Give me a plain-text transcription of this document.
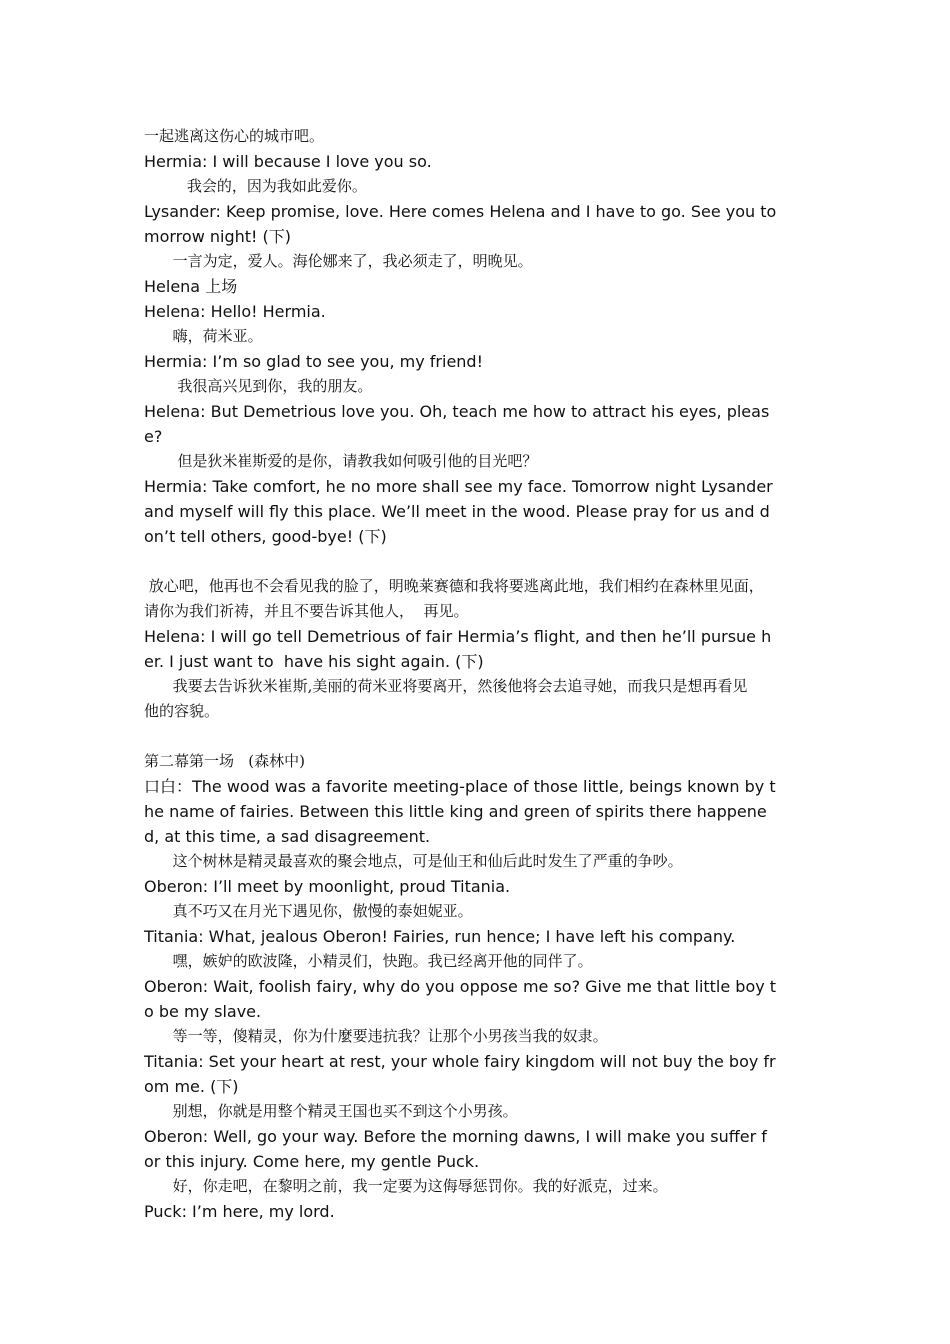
一起逃离这伤心的城市吧。
Hermia: I will because I love you so.
我会的，因为我如此爱你。
Lysander: Keep promise, love. Here comes Helena and I have to go. See you to
morrow night! (下)
一言为定，爱人。海伦娜来了，我必须走了，明晚见。
Helena 上场
Helena: Hello! Hermia.
嗨，荷米亚。
Hermia: I’m so glad to see you, my friend!
我很高兴见到你，我的朋友。
Helena: But Demetrious love you. Oh, teach me how to attract his eyes, pleas
e?
但是狄米崔斯爱的是你，请教我如何吸引他的目光吧？
Hermia: Take comfort, he no more shall see my face. Tomorrow night Lysander
and myself will fly this place. We’ll meet in the wood. Please pray for us and d
on’t tell others, good-bye! (下)
放心吧，他再也不会看见我的脸了，明晚莱赛德和我将要逃离此地，我们相约在森林里见面，
请你为我们祈祷，并且不要告诉其他人，  再见。
Helena: I will go tell Demetrious of fair Hermia’s flight, and then he’ll pursue h
er. I just want to  have his sight again. (下)
我要去告诉狄米崔斯,美丽的荷米亚将要离开，然後他将会去追寻她，而我只是想再看见
他的容貌。
第二幕第一场   (森林中)
口白：The wood was a favorite meeting-place of those little, beings known by t
he name of fairies. Between this little king and green of spirits there happene
d, at this time, a sad disagreement.
这个树林是精灵最喜欢的聚会地点，可是仙王和仙后此时发生了严重的争吵。
Oberon: I’ll meet by moonlight, proud Titania.
真不巧又在月光下遇见你，傲慢的泰妲妮亚。
Titania: What, jealous Oberon! Fairies, run hence; I have left his company.
嘿，嫉妒的欧波隆，小精灵们，快跑。我已经离开他的同伴了。
Oberon: Wait, foolish fairy, why do you oppose me so? Give me that little boy t
o be my slave.
等一等，傻精灵，你为什麼要违抗我？让那个小男孩当我的奴隶。
Titania: Set your heart at rest, your whole fairy kingdom will not buy the boy fr
om me. (下)
别想，你就是用整个精灵王国也买不到这个小男孩。
Oberon: Well, go your way. Before the morning dawns, I will make you suffer f
or this injury. Come here, my gentle Puck.
好，你走吧，在黎明之前，我一定要为这侮辱惩罚你。我的好派克，过来。
Puck: I’m here, my lord.
